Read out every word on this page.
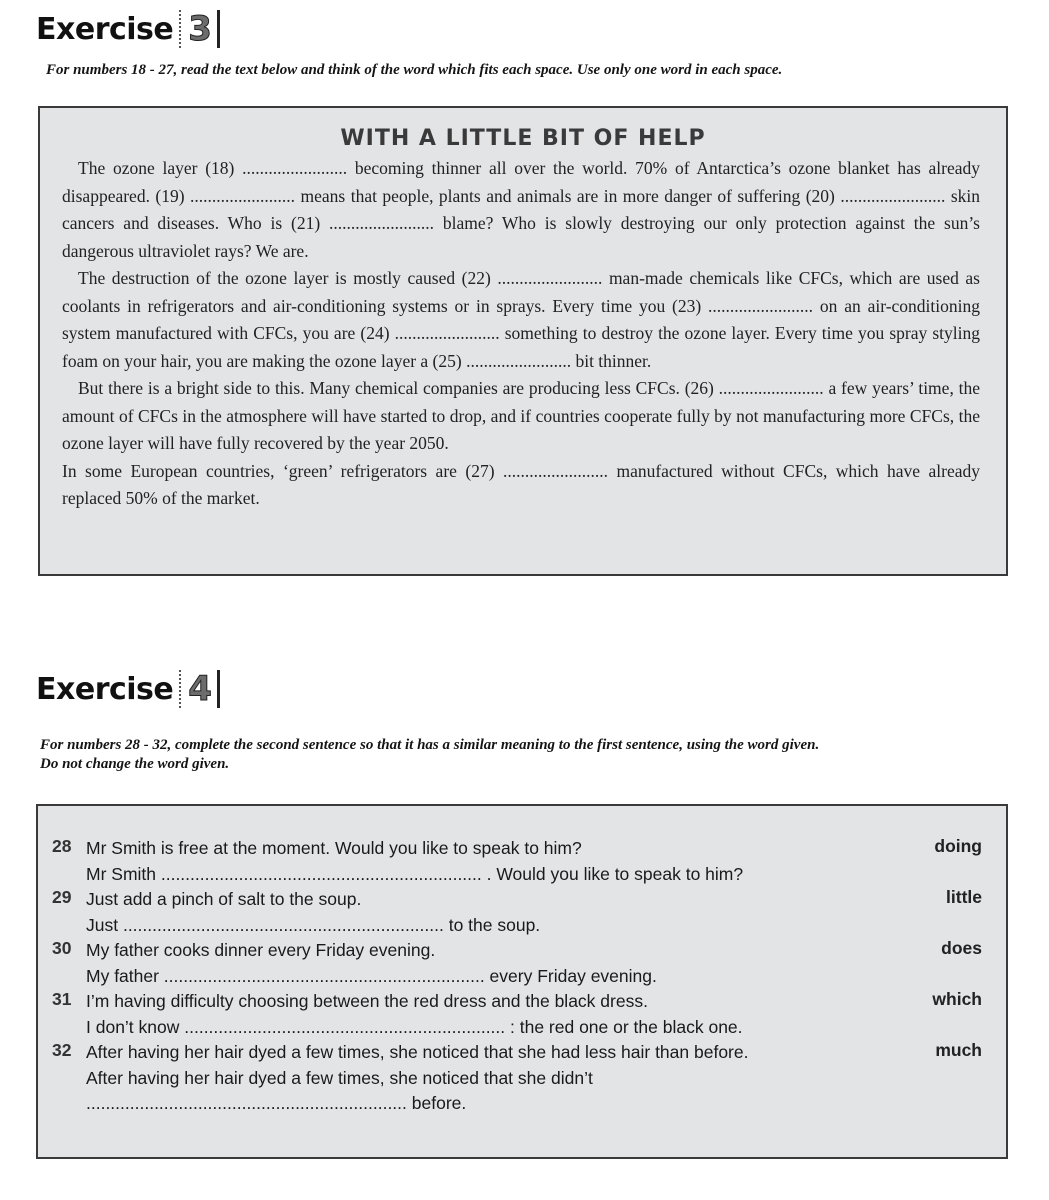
Exercise 3
For numbers 18 - 27, read the text below and think of the word which fits each space. Use only one word in each space.
WITH A LITTLE BIT OF HELP

The ozone layer (18) ........................ becoming thinner all over the world. 70% of Antarctica’s ozone blanket has already disappeared. (19) ........................ means that people, plants and animals are in more danger of suffering (20) ........................ skin cancers and diseases. Who is (21) ........................ blame? Who is slowly destroying our only protection against the sun’s dangerous ultraviolet rays? We are.

The destruction of the ozone layer is mostly caused (22) ........................ man-made chemicals like CFCs, which are used as coolants in refrigerators and air-conditioning systems or in sprays. Every time you (23) ........................ on an air-conditioning system manufactured with CFCs, you are (24) ........................ something to destroy the ozone layer. Every time you spray styling foam on your hair, you are making the ozone layer a (25) ........................ bit thinner.

But there is a bright side to this. Many chemical companies are producing less CFCs. (26) ........................ a few years’ time, the amount of CFCs in the atmosphere will have started to drop, and if countries cooperate fully by not manufacturing more CFCs, the ozone layer will have fully recovered by the year 2050.

In some European countries, ‘green’ refrigerators are (27) ........................ manufactured without CFCs, which have already replaced 50% of the market.

Exercise 4
For numbers 28 - 32, complete the second sentence so that it has a similar meaning to the first sentence, using the word given.
Do not change the word given.
28	doing
Mr Smith is free at the moment. Would you like to speak to him?
Mr Smith .................................................................. . Would you like to speak to him?
29	little
Just add a pinch of salt to the soup.
Just .................................................................. to the soup.
30	does
My father cooks dinner every Friday evening.
My father .................................................................. every Friday evening.
31	which
I’m having difficulty choosing between the red dress and the black dress.
I don’t know .................................................................. : the red one or the black one.
32	much
After having her hair dyed a few times, she noticed that she had less hair than before.
After having her hair dyed a few times, she noticed that she didn’t
.................................................................. before.
